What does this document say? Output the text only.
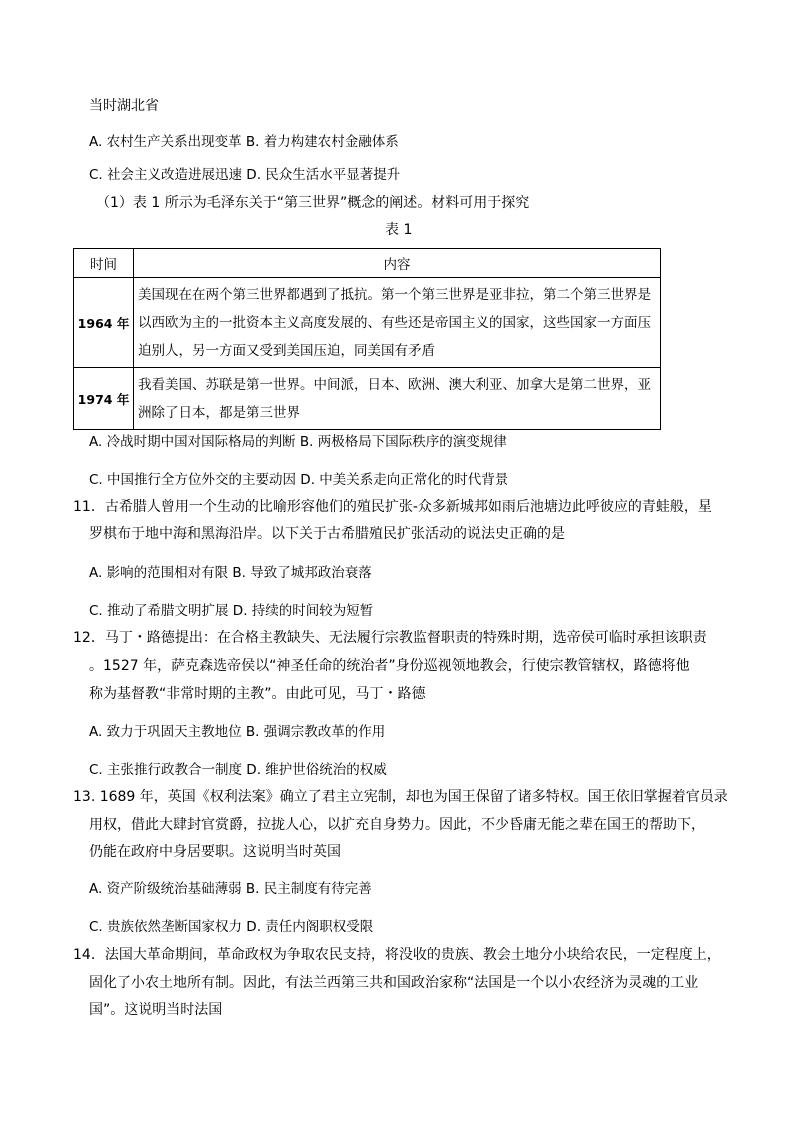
当时湖北省
A. 农村生产关系出现变革 B. 着力构建农村金融体系
C. 社会主义改造进展迅速 D. 民众生活水平显著提升
（1）表 1 所示为毛泽东关于“第三世界”概念的阐述。材料可用于探究
表 1
时间	内容
1964 年	美国现在在两个第三世界都遇到了抵抗。第一个第三世界是亚非拉，第二个第三世界是以西欧为主的一批资本主义高度发展的、有些还是帝国主义的国家，这些国家一方面压迫别人，另一方面又受到美国压迫，同美国有矛盾
1974 年	我看美国、苏联是第一世界。中间派，日本、欧洲、澳大利亚、加拿大是第二世界，亚洲除了日本，都是第三世界
A. 冷战时期中国对国际格局的判断 B. 两极格局下国际秩序的演变规律
C. 中国推行全方位外交的主要动因 D. 中美关系走向正常化的时代背景
11．古希腊人曾用一个生动的比喻形容他们的殖民扩张-众多新城邦如雨后池塘边此呼彼应的青蛙般，星
罗棋布于地中海和黑海沿岸。以下关于古希腊殖民扩张活动的说法史正确的是
A. 影响的范围相对有限 B. 导致了城邦政治衰落
C. 推动了希腊文明扩展 D. 持续的时间较为短暂
12．马丁・路德提出：在合格主教缺失、无法履行宗教监督职责的特殊时期，选帝侯可临时承担该职责
。1527 年，萨克森选帝侯以“神圣任命的统治者”身份巡视领地教会，行使宗教管辖权，路德将他
称为基督教“非常时期的主教”。由此可见，马丁・路德
A. 致力于巩固天主教地位 B. 强调宗教改革的作用
C. 主张推行政教合一制度 D. 维护世俗统治的权威
13. 1689 年，英国《权利法案》确立了君主立宪制，却也为国王保留了诸多特权。国王依旧掌握着官员录
用权，借此大肆封官赏爵，拉拢人心，以扩充自身势力。因此，不少昏庸无能之辈在国王的帮助下，
仍能在政府中身居要职。这说明当时英国
A. 资产阶级统治基础薄弱 B. 民主制度有待完善
C. 贵族依然垄断国家权力 D. 责任内阁职权受限
14．法国大革命期间，革命政权为争取农民支持，将没收的贵族、教会土地分小块给农民，一定程度上，
固化了小农土地所有制。因此，有法兰西第三共和国政治家称“法国是一个以小农经济为灵魂的工业
国”。这说明当时法国
